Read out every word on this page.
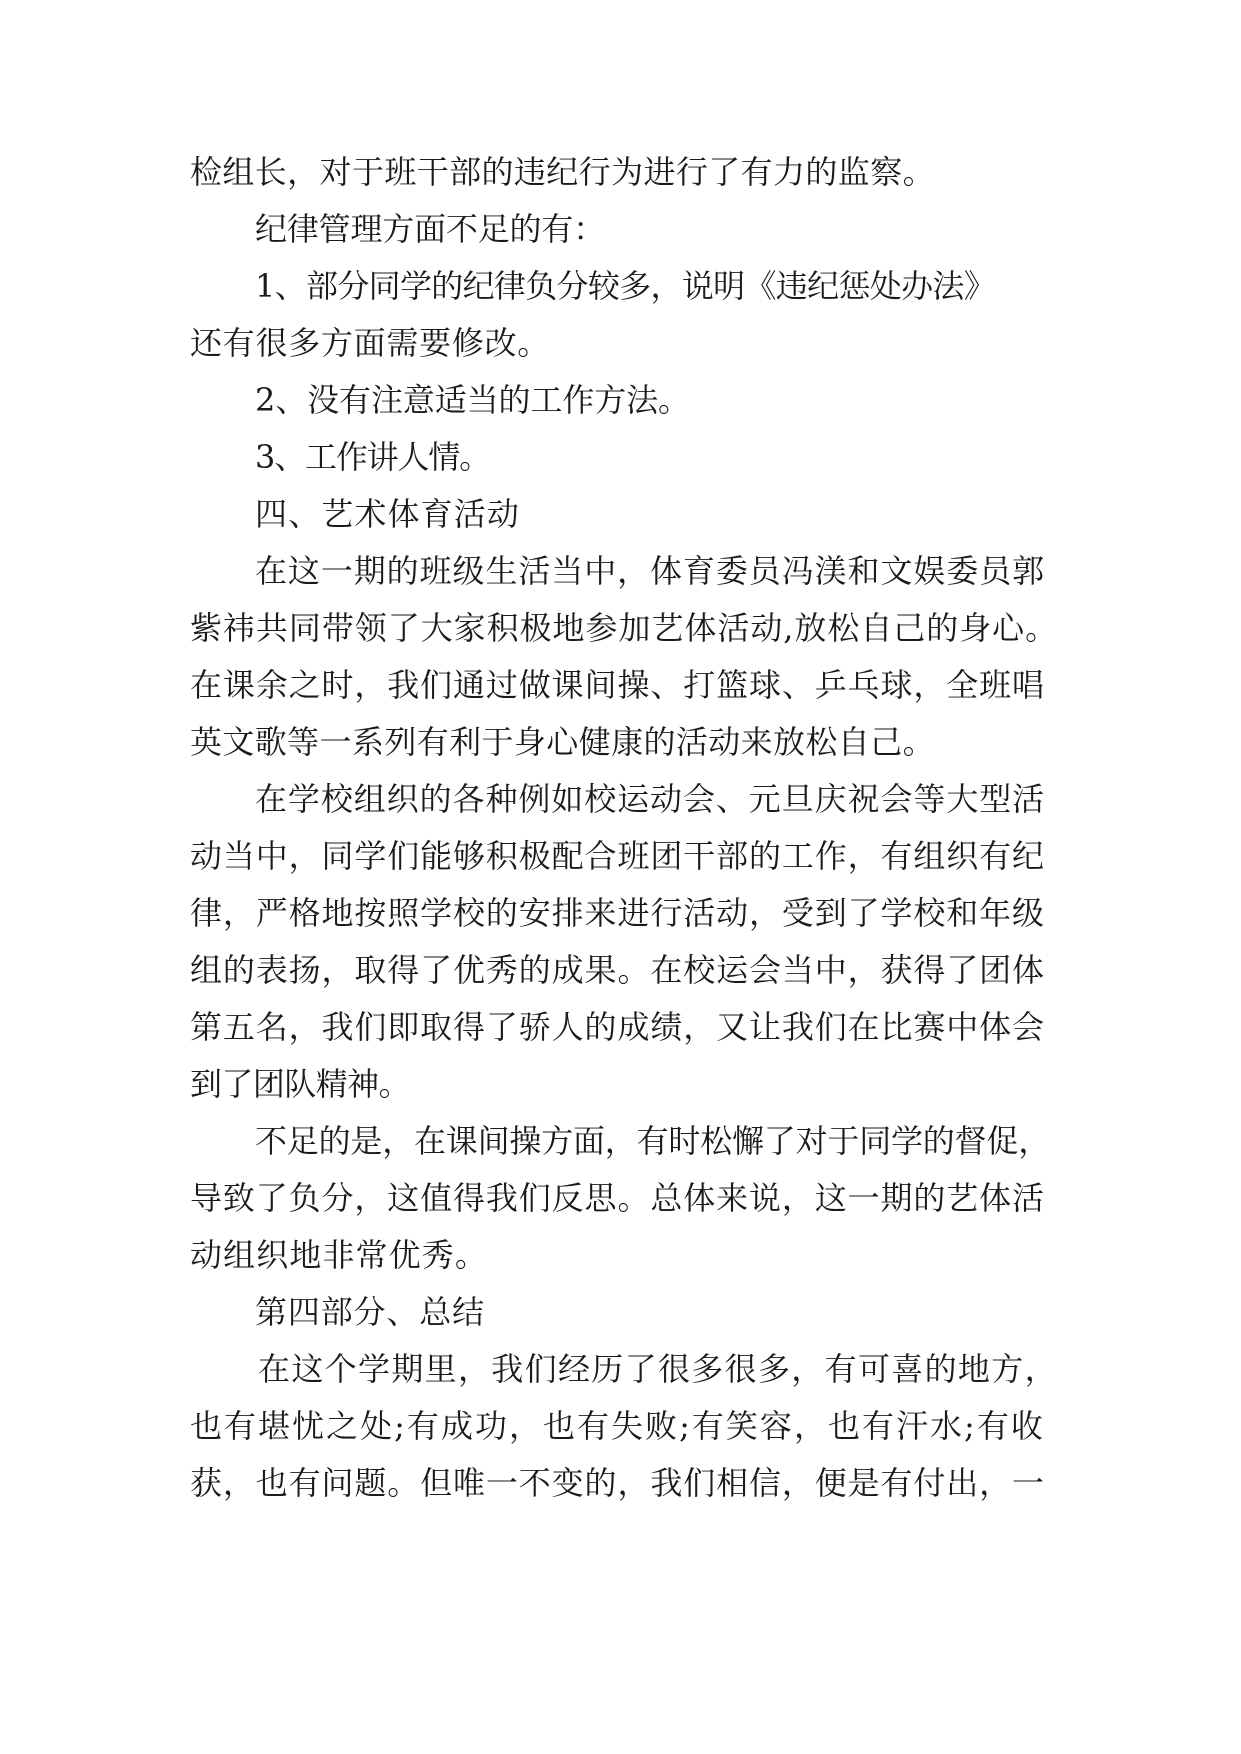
检组长，对于班干部的违纪行为进行了有力的监察。
纪律管理方面不足的有：
1、部分同学的纪律负分较多，说明《违纪惩处办法》
还有很多方面需要修改。
2、没有注意适当的工作方法。
3、工作讲人情。
四、艺术体育活动
在这一期的班级生活当中，体育委员冯渼和文娱委员郭
紫祎共同带领了大家积极地参加艺体活动,放松自己的身心。
在课余之时，我们通过做课间操、打篮球、乒乓球，全班唱
英文歌等一系列有利于身心健康的活动来放松自己。
在学校组织的各种例如校运动会、元旦庆祝会等大型活
动当中，同学们能够积极配合班团干部的工作，有组织有纪
律，严格地按照学校的安排来进行活动，受到了学校和年级
组的表扬，取得了优秀的成果。在校运会当中，获得了团体
第五名，我们即取得了骄人的成绩，又让我们在比赛中体会
到了团队精神。
不足的是，在课间操方面，有时松懈了对于同学的督促，
导致了负分，这值得我们反思。总体来说，这一期的艺体活
动组织地非常优秀。
第四部分、总结
在这个学期里，我们经历了很多很多，有可喜的地方，
也有堪忧之处;有成功，也有失败;有笑容，也有汗水;有收
获，也有问题。但唯一不变的，我们相信，便是有付出，一
